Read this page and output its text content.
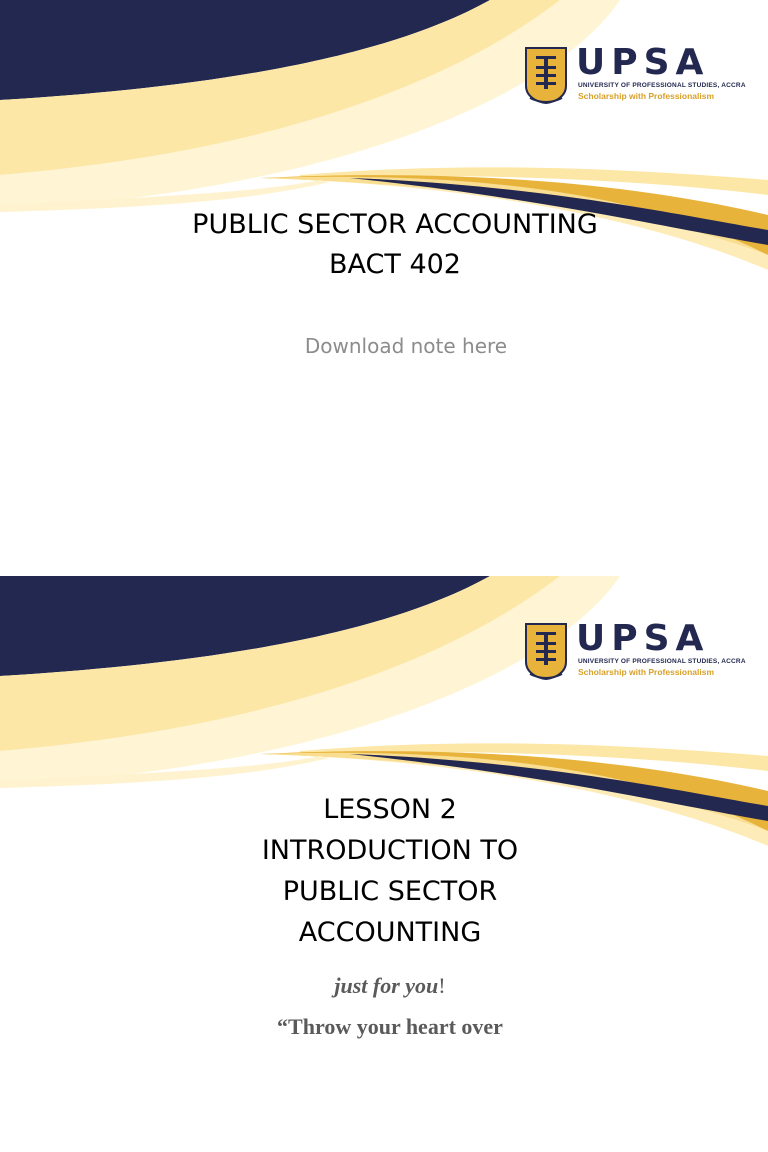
UPSA
UNIVERSITY OF PROFESSIONAL STUDIES, ACCRA
Scholarship with Professionalism
PUBLIC SECTOR ACCOUNTING
BACT 402
Download note here
UPSA
UNIVERSITY OF PROFESSIONAL STUDIES, ACCRA
Scholarship with Professionalism
LESSON 2
INTRODUCTION TO
PUBLIC SECTOR
ACCOUNTING
just for you!
“Throw your heart over
